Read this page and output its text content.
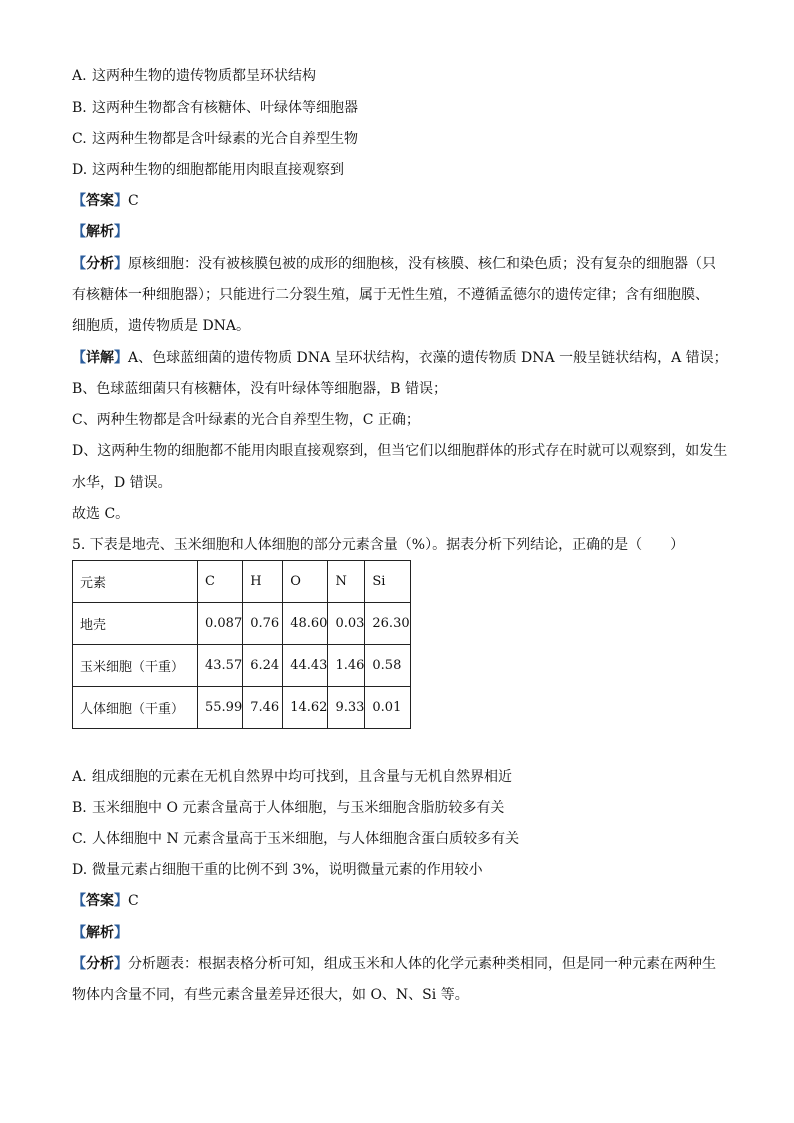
A. 这两种生物的遗传物质都呈环状结构
B. 这两种生物都含有核糖体、叶绿体等细胞器
C. 这两种生物都是含叶绿素的光合自养型生物
D. 这两种生物的细胞都能用肉眼直接观察到
【答案】C
【解析】
【分析】原核细胞：没有被核膜包被的成形的细胞核，没有核膜、核仁和染色质；没有复杂的细胞器（只
有核糖体一种细胞器）；只能进行二分裂生殖，属于无性生殖，不遵循孟德尔的遗传定律；含有细胞膜、
细胞质，遗传物质是 DNA。
【详解】A、色球蓝细菌的遗传物质 DNA 呈环状结构，衣藻的遗传物质 DNA 一般呈链状结构，A 错误；
B、色球蓝细菌只有核糖体，没有叶绿体等细胞器，B 错误；
C、两种生物都是含叶绿素的光合自养型生物，C 正确；
D、这两种生物的细胞都不能用肉眼直接观察到，但当它们以细胞群体的形式存在时就可以观察到，如发生
水华，D 错误。
故选 C。
5. 下表是地壳、玉米细胞和人体细胞的部分元素含量（%）。据表分析下列结论，正确的是（　　）
元素	C	H	O	N	Si
地壳	0.087	0.76	48.60	0.03	26.30
玉米细胞（干重）	43.57	6.24	44.43	1.46	0.58
人体细胞（干重）	55.99	7.46	14.62	9.33	0.01
A. 组成细胞的元素在无机自然界中均可找到，且含量与无机自然界相近
B. 玉米细胞中 O 元素含量高于人体细胞，与玉米细胞含脂肪较多有关
C. 人体细胞中 N 元素含量高于玉米细胞，与人体细胞含蛋白质较多有关
D. 微量元素占细胞干重的比例不到 3%，说明微量元素的作用较小
【答案】C
【解析】
【分析】分析题表：根据表格分析可知，组成玉米和人体的化学元素种类相同，但是同一种元素在两种生
物体内含量不同，有些元素含量差异还很大，如 O、N、Si 等。
